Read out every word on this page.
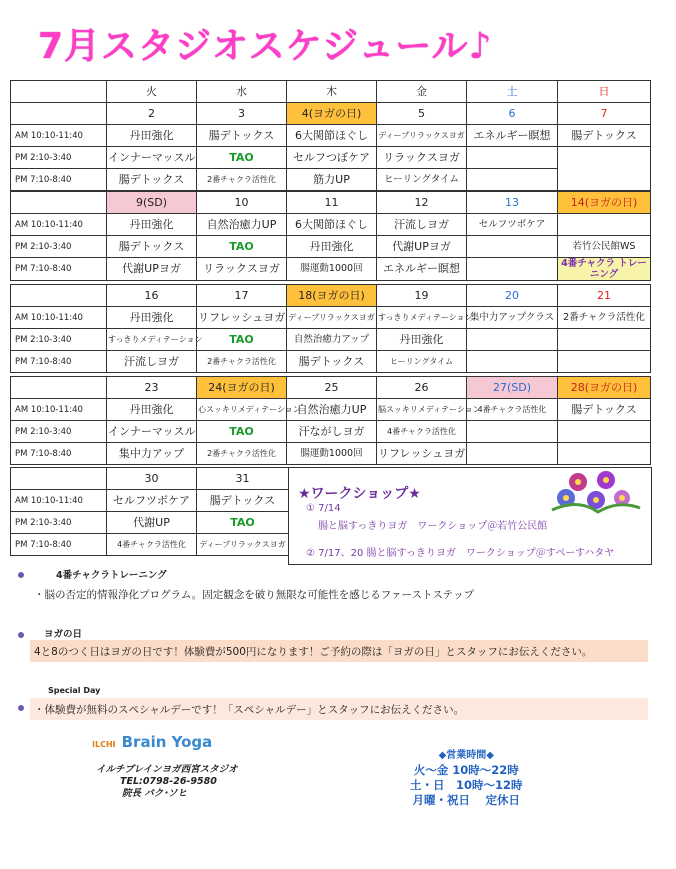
7月スタジオスケジュール♪
	火	水	木	金	土	日
	2	3	4(ヨガの日)	5	6	7
AM 10:10-11:40	丹田強化	腸デトックス	6大関節ほぐし	ディープリラックスヨガ	エネルギー瞑想	腸デトックス
PM 2:10-3:40	インナーマッスル	TAO	セルフつぼケア	リラックスヨガ		
PM 7:10-8:40	腸デトックス	2番チャクラ活性化	筋力UP	ヒーリングタイム		
	9(SD)	10	11	12	13	14(ヨガの日)
AM 10:10-11:40	丹田強化	自然治癒力UP	6大関節ほぐし	汗流しヨガ	セルフツボケア	
PM 2:10-3:40	腸デトックス	TAO	丹田強化	代謝UPヨガ		若竹公民館WS
PM 7:10-8:40	代謝UPヨガ	リラックスヨガ	腸運動1000回	エネルギー瞑想		4番チャクラ トレーニング
	16	17	18(ヨガの日)	19	20	21
AM 10:10-11:40	丹田強化	リフレッシュヨガ	ディープリラックスヨガ	すっきりメディテーション	集中力アップクラス	2番チャクラ活性化
PM 2:10-3:40	すっきりメディテーション	TAO	自然治癒力アップ	丹田強化		
PM 7:10-8:40	汗流しヨガ	2番チャクラ活性化	腸デトックス	ヒーリングタイム		
	23	24(ヨガの日)	25	26	27(SD)	28(ヨガの日)
AM 10:10-11:40	丹田強化	心スッキリメディテーション	自然治癒力UP	脳スッキリメディテーション	4番チャクラ活性化	腸デトックス
PM 2:10-3:40	インナーマッスル	TAO	汗ながしヨガ	4番チャクラ活性化		
PM 7:10-8:40	集中力アップ	2番チャクラ活性化	腸運動1000回	リフレッシュヨガ		
	30	31
AM 10:10-11:40	セルフツボケア	腸デトックス
PM 2:10-3:40	代謝UP	TAO
PM 7:10-8:40	4番チャクラ活性化	ディープリラックスヨガ
★ワークショップ★
① 7/14
腸と脳すっきりヨガ　ワークショップ＠若竹公民館
② 7/17、20 腸と脳すっきりヨガ　ワークショップ＠すぺーすハタヤ
4番チャクラトレーニング
・脳の否定的情報浄化プログラム。固定観念を破り無限な可能性を感じるファーストステップ
ヨガの日
4と8のつく日はヨガの日です！体験費が500円になります！ご予約の際は「ヨガの日」とスタッフにお伝えください。
Special Day
・体験費が無料のスペシャルデーです！「スペシャルデー」とスタッフにお伝えください。
ILCHI Brain Yoga
イルチブレインヨガ西宮スタジオ
TEL:0798-26-9580
院長 パク･ソヒ
◆営業時間◆
火～金 10時～22時
土・日　10時～12時
月曜・祝日　 定休日
